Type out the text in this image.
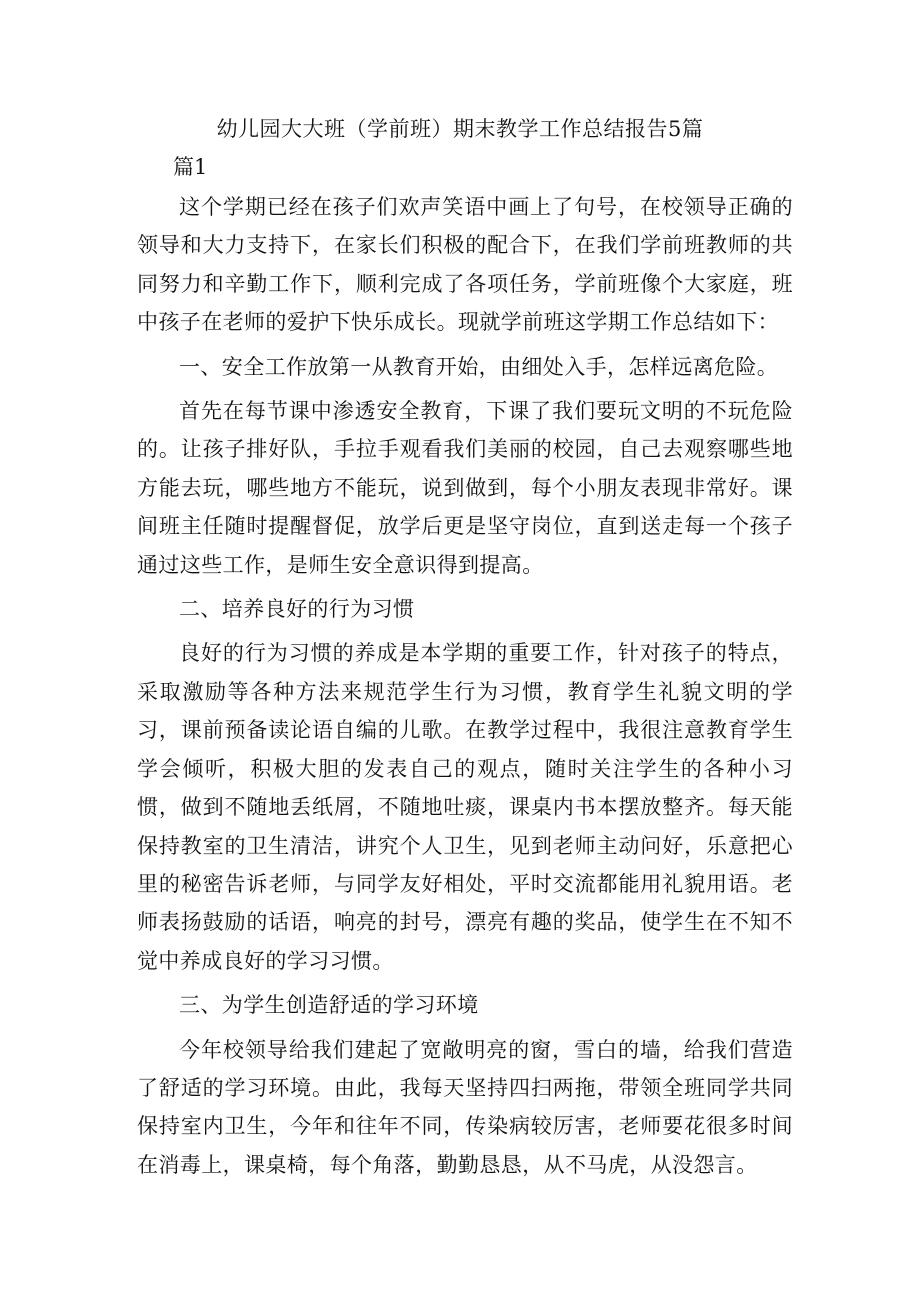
幼儿园大大班（学前班）期末教学工作总结报告5篇

篇1

这个学期已经在孩子们欢声笑语中画上了句号，在校领导正确的领导和大力支持下，在家长们积极的配合下，在我们学前班教师的共同努力和辛勤工作下，顺利完成了各项任务，学前班像个大家庭，班中孩子在老师的爱护下快乐成长。现就学前班这学期工作总结如下：

一、安全工作放第一从教育开始，由细处入手，怎样远离危险。

首先在每节课中渗透安全教育，下课了我们要玩文明的不玩危险的。让孩子排好队，手拉手观看我们美丽的校园，自己去观察哪些地方能去玩，哪些地方不能玩，说到做到，每个小朋友表现非常好。课间班主任随时提醒督促，放学后更是坚守岗位，直到送走每一个孩子通过这些工作，是师生安全意识得到提高。

二、培养良好的行为习惯

良好的行为习惯的养成是本学期的重要工作，针对孩子的特点，采取激励等各种方法来规范学生行为习惯，教育学生礼貌文明的学习，课前预备读论语自编的儿歌。在教学过程中，我很注意教育学生学会倾听，积极大胆的发表自己的观点，随时关注学生的各种小习惯，做到不随地丢纸屑，不随地吐痰，课桌内书本摆放整齐。每天能保持教室的卫生清洁，讲究个人卫生，见到老师主动问好，乐意把心里的秘密告诉老师，与同学友好相处，平时交流都能用礼貌用语。老师表扬鼓励的话语，响亮的封号，漂亮有趣的奖品，使学生在不知不觉中养成良好的学习习惯。

三、为学生创造舒适的学习环境

今年校领导给我们建起了宽敞明亮的窗，雪白的墙，给我们营造了舒适的学习环境。由此，我每天坚持四扫两拖，带领全班同学共同保持室内卫生，今年和往年不同，传染病较厉害，老师要花很多时间在消毒上，课桌椅，每个角落，勤勤恳恳，从不马虎，从没怨言。
